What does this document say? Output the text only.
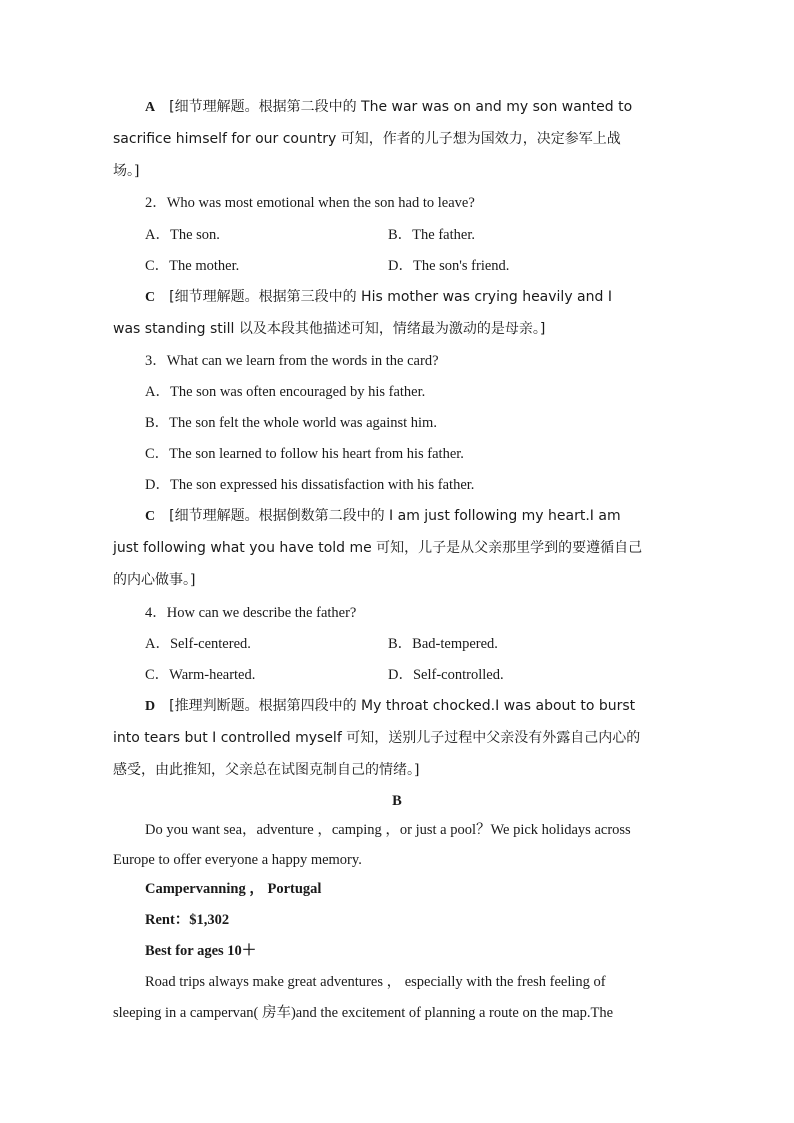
A [细节理解题。根据第二段中的 The war was on and my son wanted to
sacrifice himself for our country 可知，作者的儿子想为国效力，决定参军上战
场。]
2．Who was most emotional when the son had to leave?
A．The son.	B．The father.
C．The mother.	D．The son's friend.
C [细节理解题。根据第三段中的 His mother was crying heavily and I
was standing still 以及本段其他描述可知，情绪最为激动的是母亲。]
3．What can we learn from the words in the card?
A．The son was often encouraged by his father.
B．The son felt the whole world was against him.
C．The son learned to follow his heart from his father.
D．The son expressed his dissatisfaction with his father.
C [细节理解题。根据倒数第二段中的 I am just following my heart.I am
just following what you have told me 可知，儿子是从父亲那里学到的要遵循自己
的内心做事。]
4．How can we describe the father?
A．Self-centered.	B．Bad-tempered.
C．Warm-hearted.	D．Self-controlled.
D [推理判断题。根据第四段中的 My throat chocked.I was about to burst
into tears but I controlled myself 可知，送别儿子过程中父亲没有外露自己内心的
感受，由此推知，父亲总在试图克制自己的情绪。]
B
Do you want sea，adventure ，camping ，or just a pool？We pick holidays across
Europe to offer everyone a happy memory.
Campervanning ， Portugal
Rent：$1,302
Best for ages 10＋
Road trips always make great adventures ， especially with the fresh feeling of
sleeping in a campervan( 房车)and the excitement of planning a route on the map.The
